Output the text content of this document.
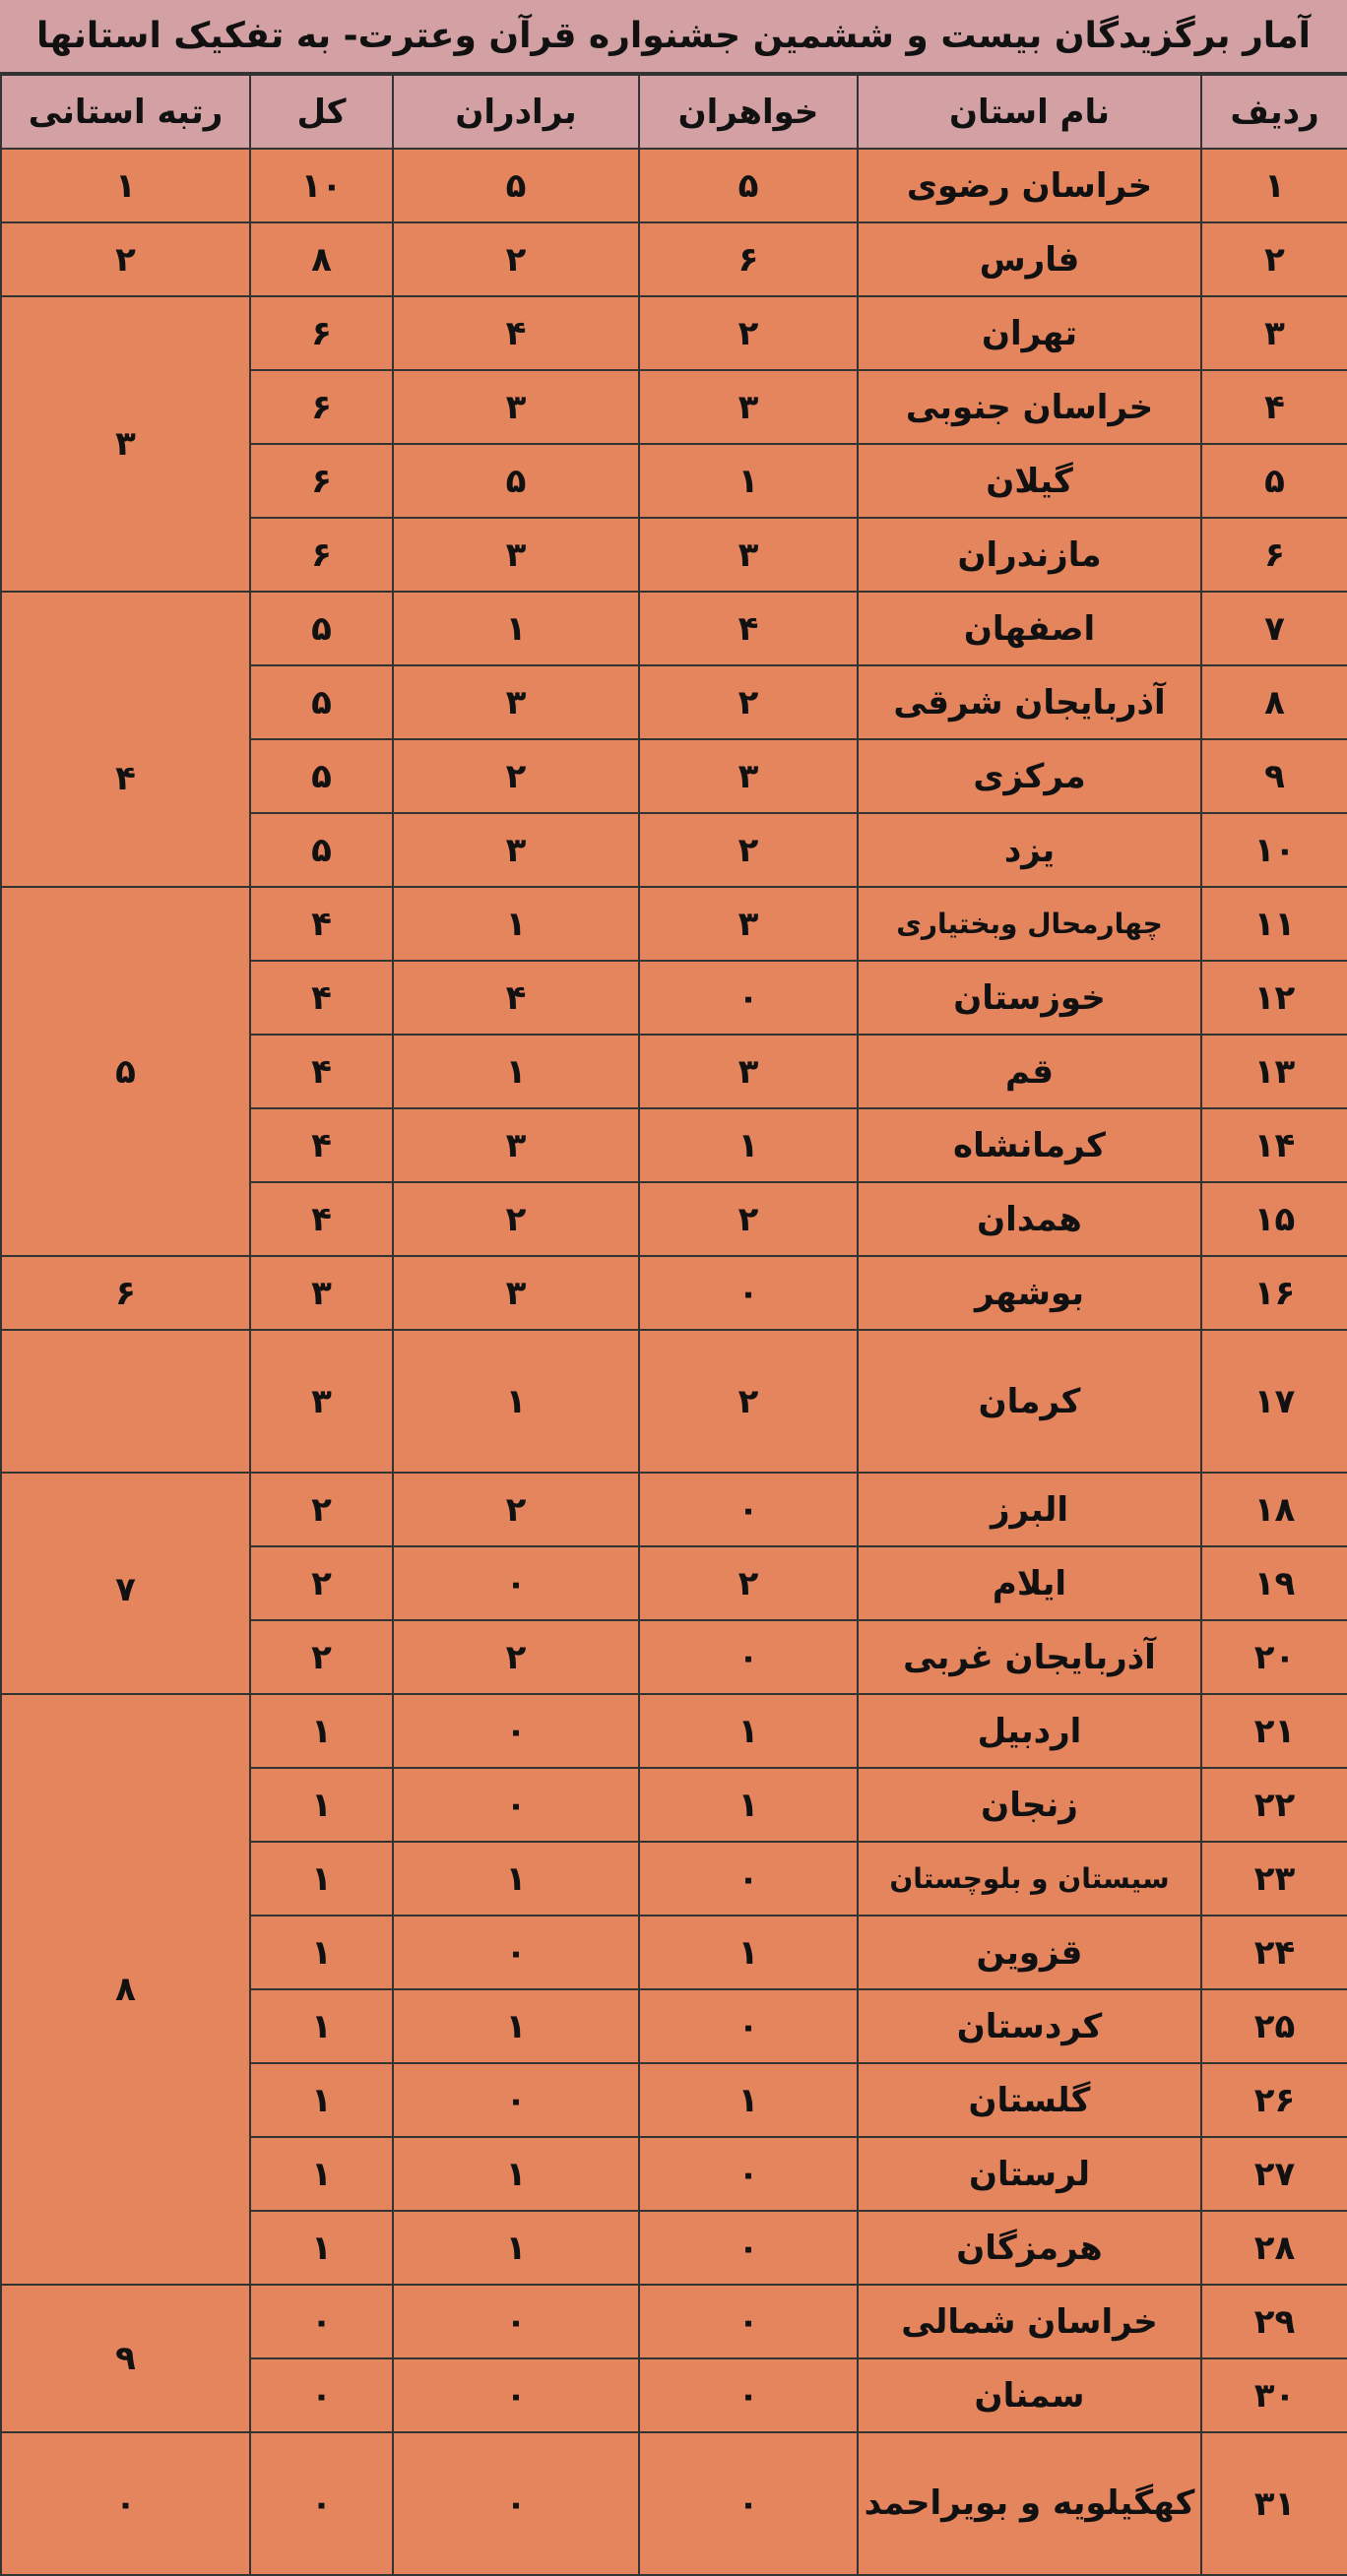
آمار برگزیدگان بیست و ششمین جشنواره قرآن وعترت- به تفکیک استانها
ردیف	نام استان	خواهران	برادران	کل	رتبه استانی
۱	خراسان رضوی	۵	۵	۱۰	۱
۲	فارس	۶	۲	۸	۲
۳	تهران	۲	۴	۶	۳
۴	خراسان جنوبی	۳	۳	۶	
۵	گیلان	۱	۵	۶	
۶	مازندران	۳	۳	۶	
۷	اصفهان	۴	۱	۵	۴
۸	آذربایجان شرقی	۲	۳	۵	
۹	مرکزی	۳	۲	۵	
۱۰	یزد	۲	۳	۵	
۱۱	چهارمحال وبختیاری	۳	۱	۴	۵
۱۲	خوزستان	۰	۴	۴	
۱۳	قم	۳	۱	۴	
۱۴	کرمانشاه	۱	۳	۴	
۱۵	همدان	۲	۲	۴	
۱۶	بوشهر	۰	۳	۳	۶
۱۷	کرمان	۲	۱	۳	
۱۸	البرز	۰	۲	۲	۷
۱۹	ایلام	۲	۰	۲	
۲۰	آذربایجان غربی	۰	۲	۲	
۲۱	اردبیل	۱	۰	۱	۸
۲۲	زنجان	۱	۰	۱	
۲۳	سیستان و بلوچستان	۰	۱	۱	
۲۴	قزوین	۱	۰	۱	
۲۵	کردستان	۰	۱	۱	
۲۶	گلستان	۱	۰	۱	
۲۷	لرستان	۰	۱	۱	
۲۸	هرمزگان	۰	۱	۱	
۲۹	خراسان شمالی	۰	۰	۰	۹
۳۰	سمنان	۰	۰	۰	
۳۱	کهگیلویه و بویراحمد	۰	۰	۰	۰
